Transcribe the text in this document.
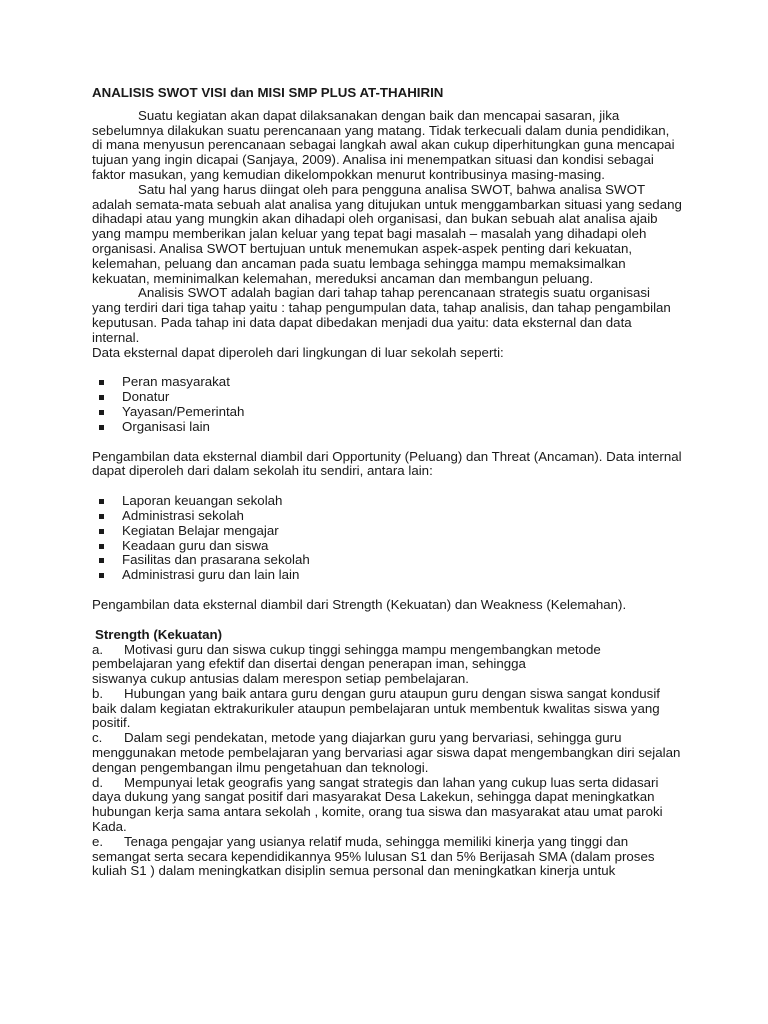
ANALISIS SWOT VISI dan MISI SMP PLUS AT-THAHIRIN

Suatu kegiatan akan dapat dilaksanakan dengan baik dan mencapai sasaran, jika sebelumnya dilakukan suatu perencanaan yang matang. Tidak terkecuali dalam dunia pendidikan, di mana menyusun perencanaan sebagai langkah awal akan cukup diperhitungkan guna mencapai tujuan yang ingin dicapai (Sanjaya, 2009). Analisa ini menempatkan situasi dan kondisi sebagai faktor masukan, yang kemudian dikelompokkan menurut kontribusinya masing-masing.

Satu hal yang harus diingat oleh para pengguna analisa SWOT, bahwa analisa SWOT adalah semata-mata sebuah alat analisa yang ditujukan untuk menggambarkan situasi yang sedang dihadapi atau yang mungkin akan dihadapi oleh organisasi, dan bukan sebuah alat analisa ajaib yang mampu memberikan jalan keluar yang tepat bagi masalah – masalah yang dihadapi oleh organisasi. Analisa SWOT bertujuan untuk menemukan aspek-aspek penting dari kekuatan, kelemahan, peluang dan ancaman pada suatu lembaga sehingga mampu memaksimalkan kekuatan, meminimalkan kelemahan, mereduksi ancaman dan membangun peluang.

Analisis SWOT adalah bagian dari tahap tahap perencanaan strategis suatu organisasi yang terdiri dari tiga tahap yaitu : tahap pengumpulan data, tahap analisis, dan tahap pengambilan keputusan. Pada tahap ini data dapat dibedakan menjadi dua yaitu: data eksternal dan data internal.

Data eksternal dapat diperoleh dari lingkungan di luar sekolah seperti:

Peran masyarakat
Donatur
Yayasan/Pemerintah
Organisasi lain

Pengambilan data eksternal diambil dari Opportunity (Peluang) dan Threat (Ancaman). Data internal dapat diperoleh dari dalam sekolah itu sendiri, antara lain:

Laporan keuangan sekolah
Administrasi sekolah
Kegiatan Belajar mengajar
Keadaan guru dan siswa
Fasilitas dan prasarana sekolah
Administrasi guru dan lain lain

Pengambilan data eksternal diambil dari Strength (Kekuatan) dan Weakness (Kelemahan).

Strength (Kekuatan)

a. Motivasi guru dan siswa cukup tinggi sehingga mampu mengembangkan metode

pembelajaran yang efektif dan disertai dengan penerapan iman, sehingga

siswanya cukup antusias dalam merespon setiap pembelajaran.

b. Hubungan yang baik antara guru dengan guru ataupun guru dengan siswa sangat kondusif

baik dalam kegiatan ektrakurikuler ataupun pembelajaran untuk membentuk kwalitas siswa yang positif.

c. Dalam segi pendekatan, metode yang diajarkan guru yang bervariasi, sehingga guru

menggunakan metode pembelajaran yang bervariasi agar siswa dapat mengembangkan diri sejalan dengan pengembangan ilmu pengetahuan dan teknologi.

d. Mempunyai letak geografis yang sangat strategis dan lahan yang cukup luas serta didasari

daya dukung yang sangat positif dari masyarakat Desa Lakekun, sehingga dapat meningkatkan hubungan kerja sama antara sekolah , komite, orang tua siswa dan masyarakat atau umat paroki Kada.

e. Tenaga pengajar yang usianya relatif muda, sehingga memiliki kinerja yang tinggi dan

semangat serta secara kependidikannya 95% lulusan S1 dan 5% Berijasah SMA (dalam proses kuliah S1 ) dalam meningkatkan disiplin semua personal dan meningkatkan kinerja untuk
